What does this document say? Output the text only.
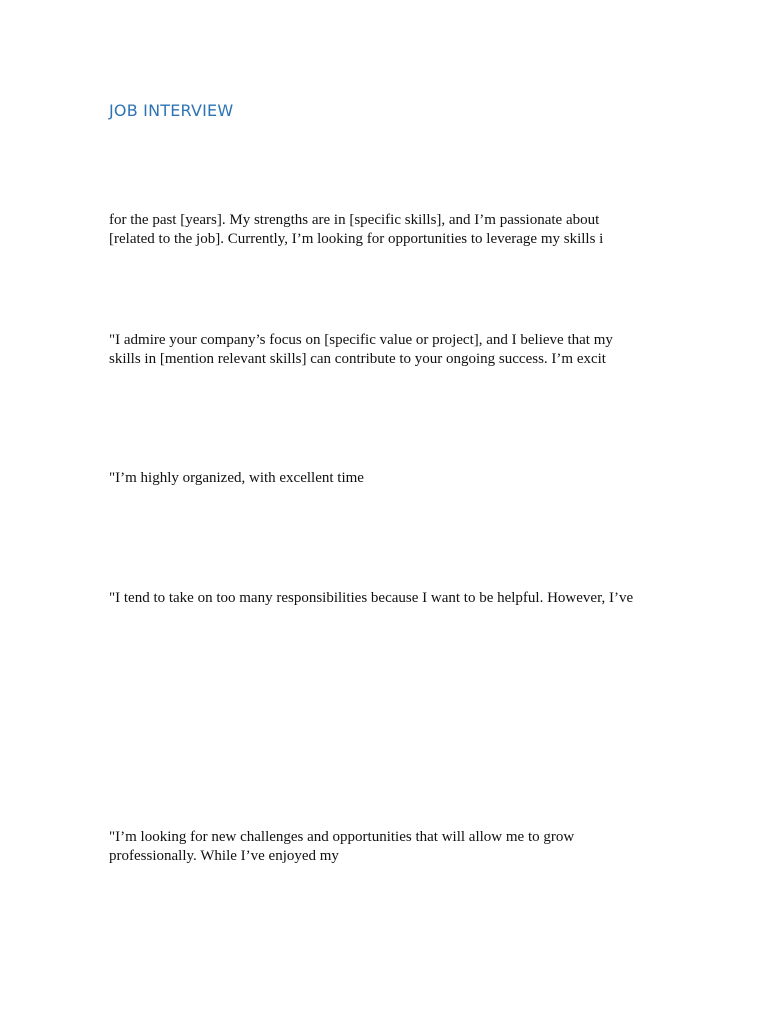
JOB INTERVIEW

for the past [years]. My strengths are in [specific skills], and I’m passionate about
[related to the job]. Currently, I’m looking for opportunities to leverage my skills i

"I admire your company’s focus on [specific value or project], and I believe that my
skills in [mention relevant skills] can contribute to your ongoing success. I’m excit

"I’m highly organized, with excellent time

"I tend to take on too many responsibilities because I want to be helpful. However, I’ve

"I’m looking for new challenges and opportunities that will allow me to grow
professionally. While I’ve enjoyed my
